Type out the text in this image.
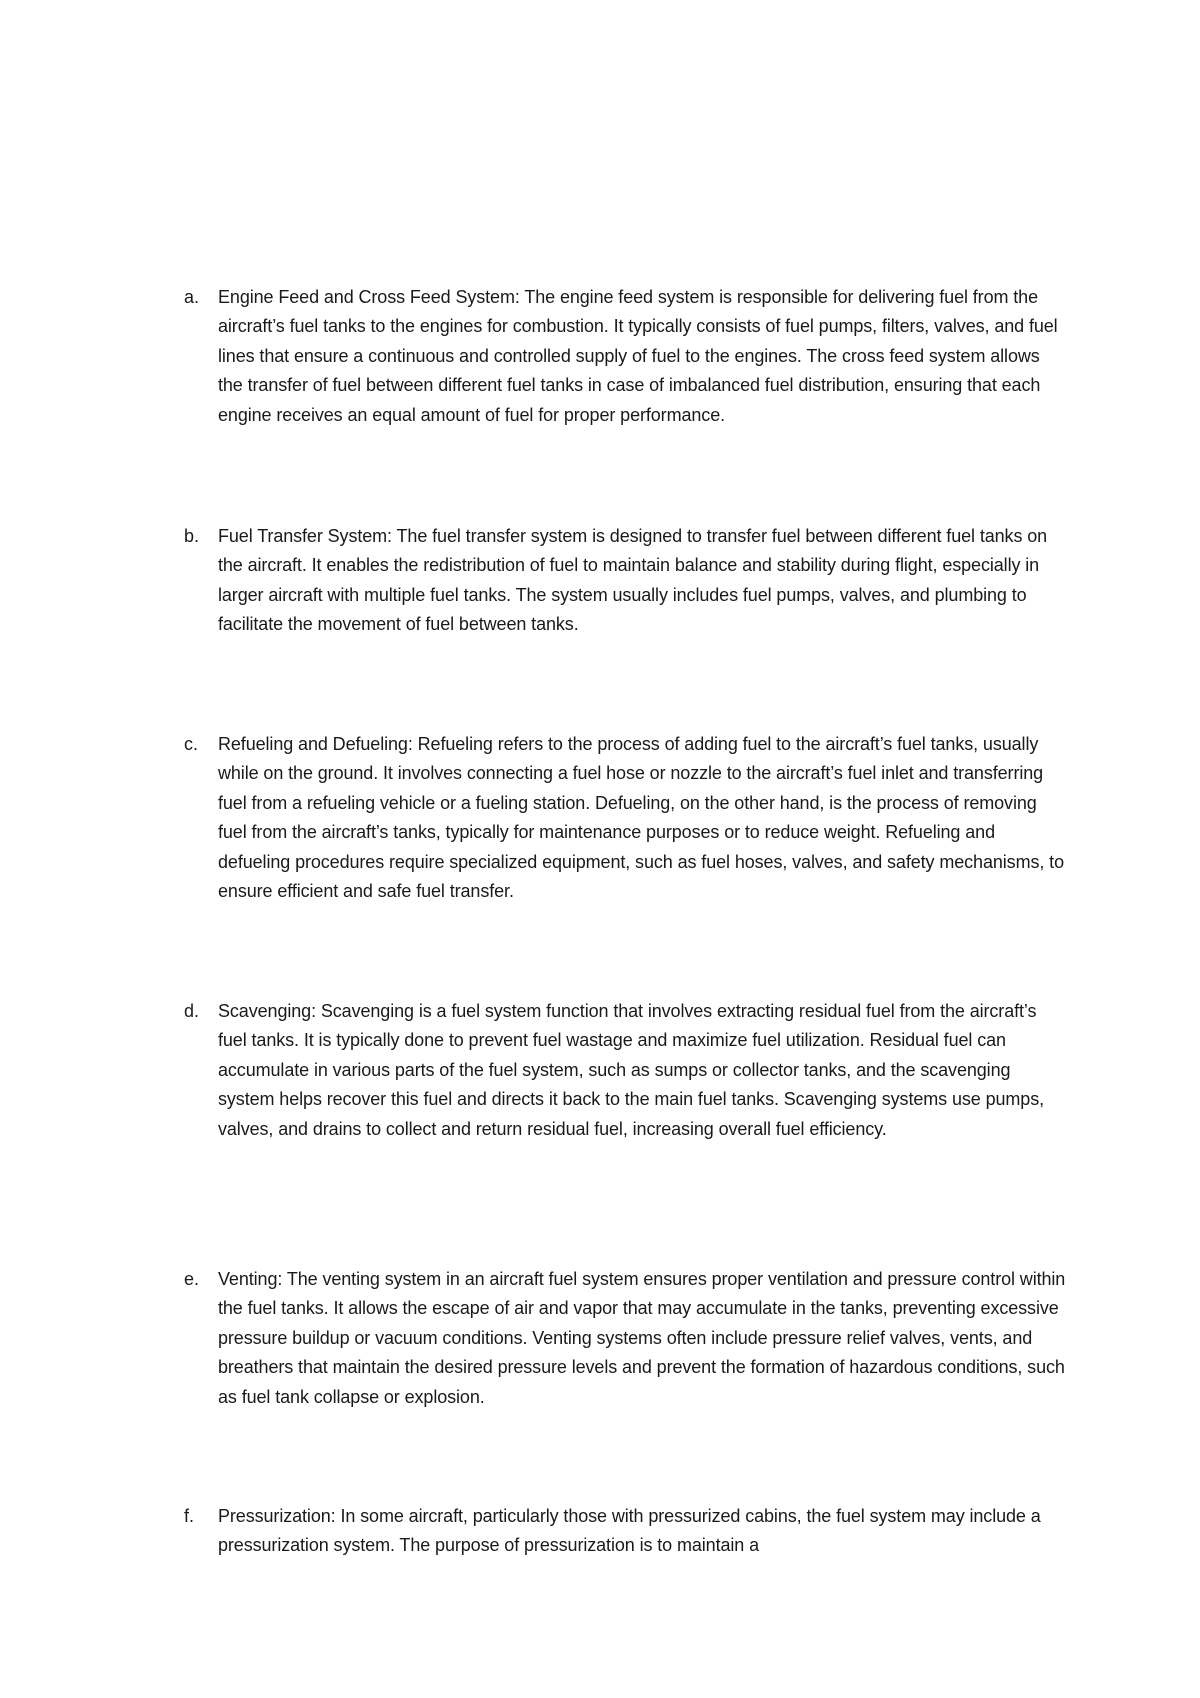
a. Engine Feed and Cross Feed System: The engine feed system is responsible for delivering fuel from the aircraft’s fuel tanks to the engines for combustion. It typically consists of fuel pumps, filters, valves, and fuel lines that ensure a continuous and controlled supply of fuel to the engines. The cross feed system allows the transfer of fuel between different fuel tanks in case of imbalanced fuel distribution, ensuring that each engine receives an equal amount of fuel for proper performance.
b. Fuel Transfer System: The fuel transfer system is designed to transfer fuel between different fuel tanks on the aircraft. It enables the redistribution of fuel to maintain balance and stability during flight, especially in larger aircraft with multiple fuel tanks. The system usually includes fuel pumps, valves, and plumbing to facilitate the movement of fuel between tanks.
c. Refueling and Defueling: Refueling refers to the process of adding fuel to the aircraft’s fuel tanks, usually while on the ground. It involves connecting a fuel hose or nozzle to the aircraft’s fuel inlet and transferring fuel from a refueling vehicle or a fueling station. Defueling, on the other hand, is the process of removing fuel from the aircraft’s tanks, typically for maintenance purposes or to reduce weight. Refueling and defueling procedures require specialized equipment, such as fuel hoses, valves, and safety mechanisms, to ensure efficient and safe fuel transfer.
d. Scavenging: Scavenging is a fuel system function that involves extracting residual fuel from the aircraft’s fuel tanks. It is typically done to prevent fuel wastage and maximize fuel utilization. Residual fuel can accumulate in various parts of the fuel system, such as sumps or collector tanks, and the scavenging system helps recover this fuel and directs it back to the main fuel tanks. Scavenging systems use pumps, valves, and drains to collect and return residual fuel, increasing overall fuel efficiency.
e. Venting: The venting system in an aircraft fuel system ensures proper ventilation and pressure control within the fuel tanks. It allows the escape of air and vapor that may accumulate in the tanks, preventing excessive pressure buildup or vacuum conditions. Venting systems often include pressure relief valves, vents, and breathers that maintain the desired pressure levels and prevent the formation of hazardous conditions, such as fuel tank collapse or explosion.
f. Pressurization: In some aircraft, particularly those with pressurized cabins, the fuel system may include a pressurization system. The purpose of pressurization is to maintain a
